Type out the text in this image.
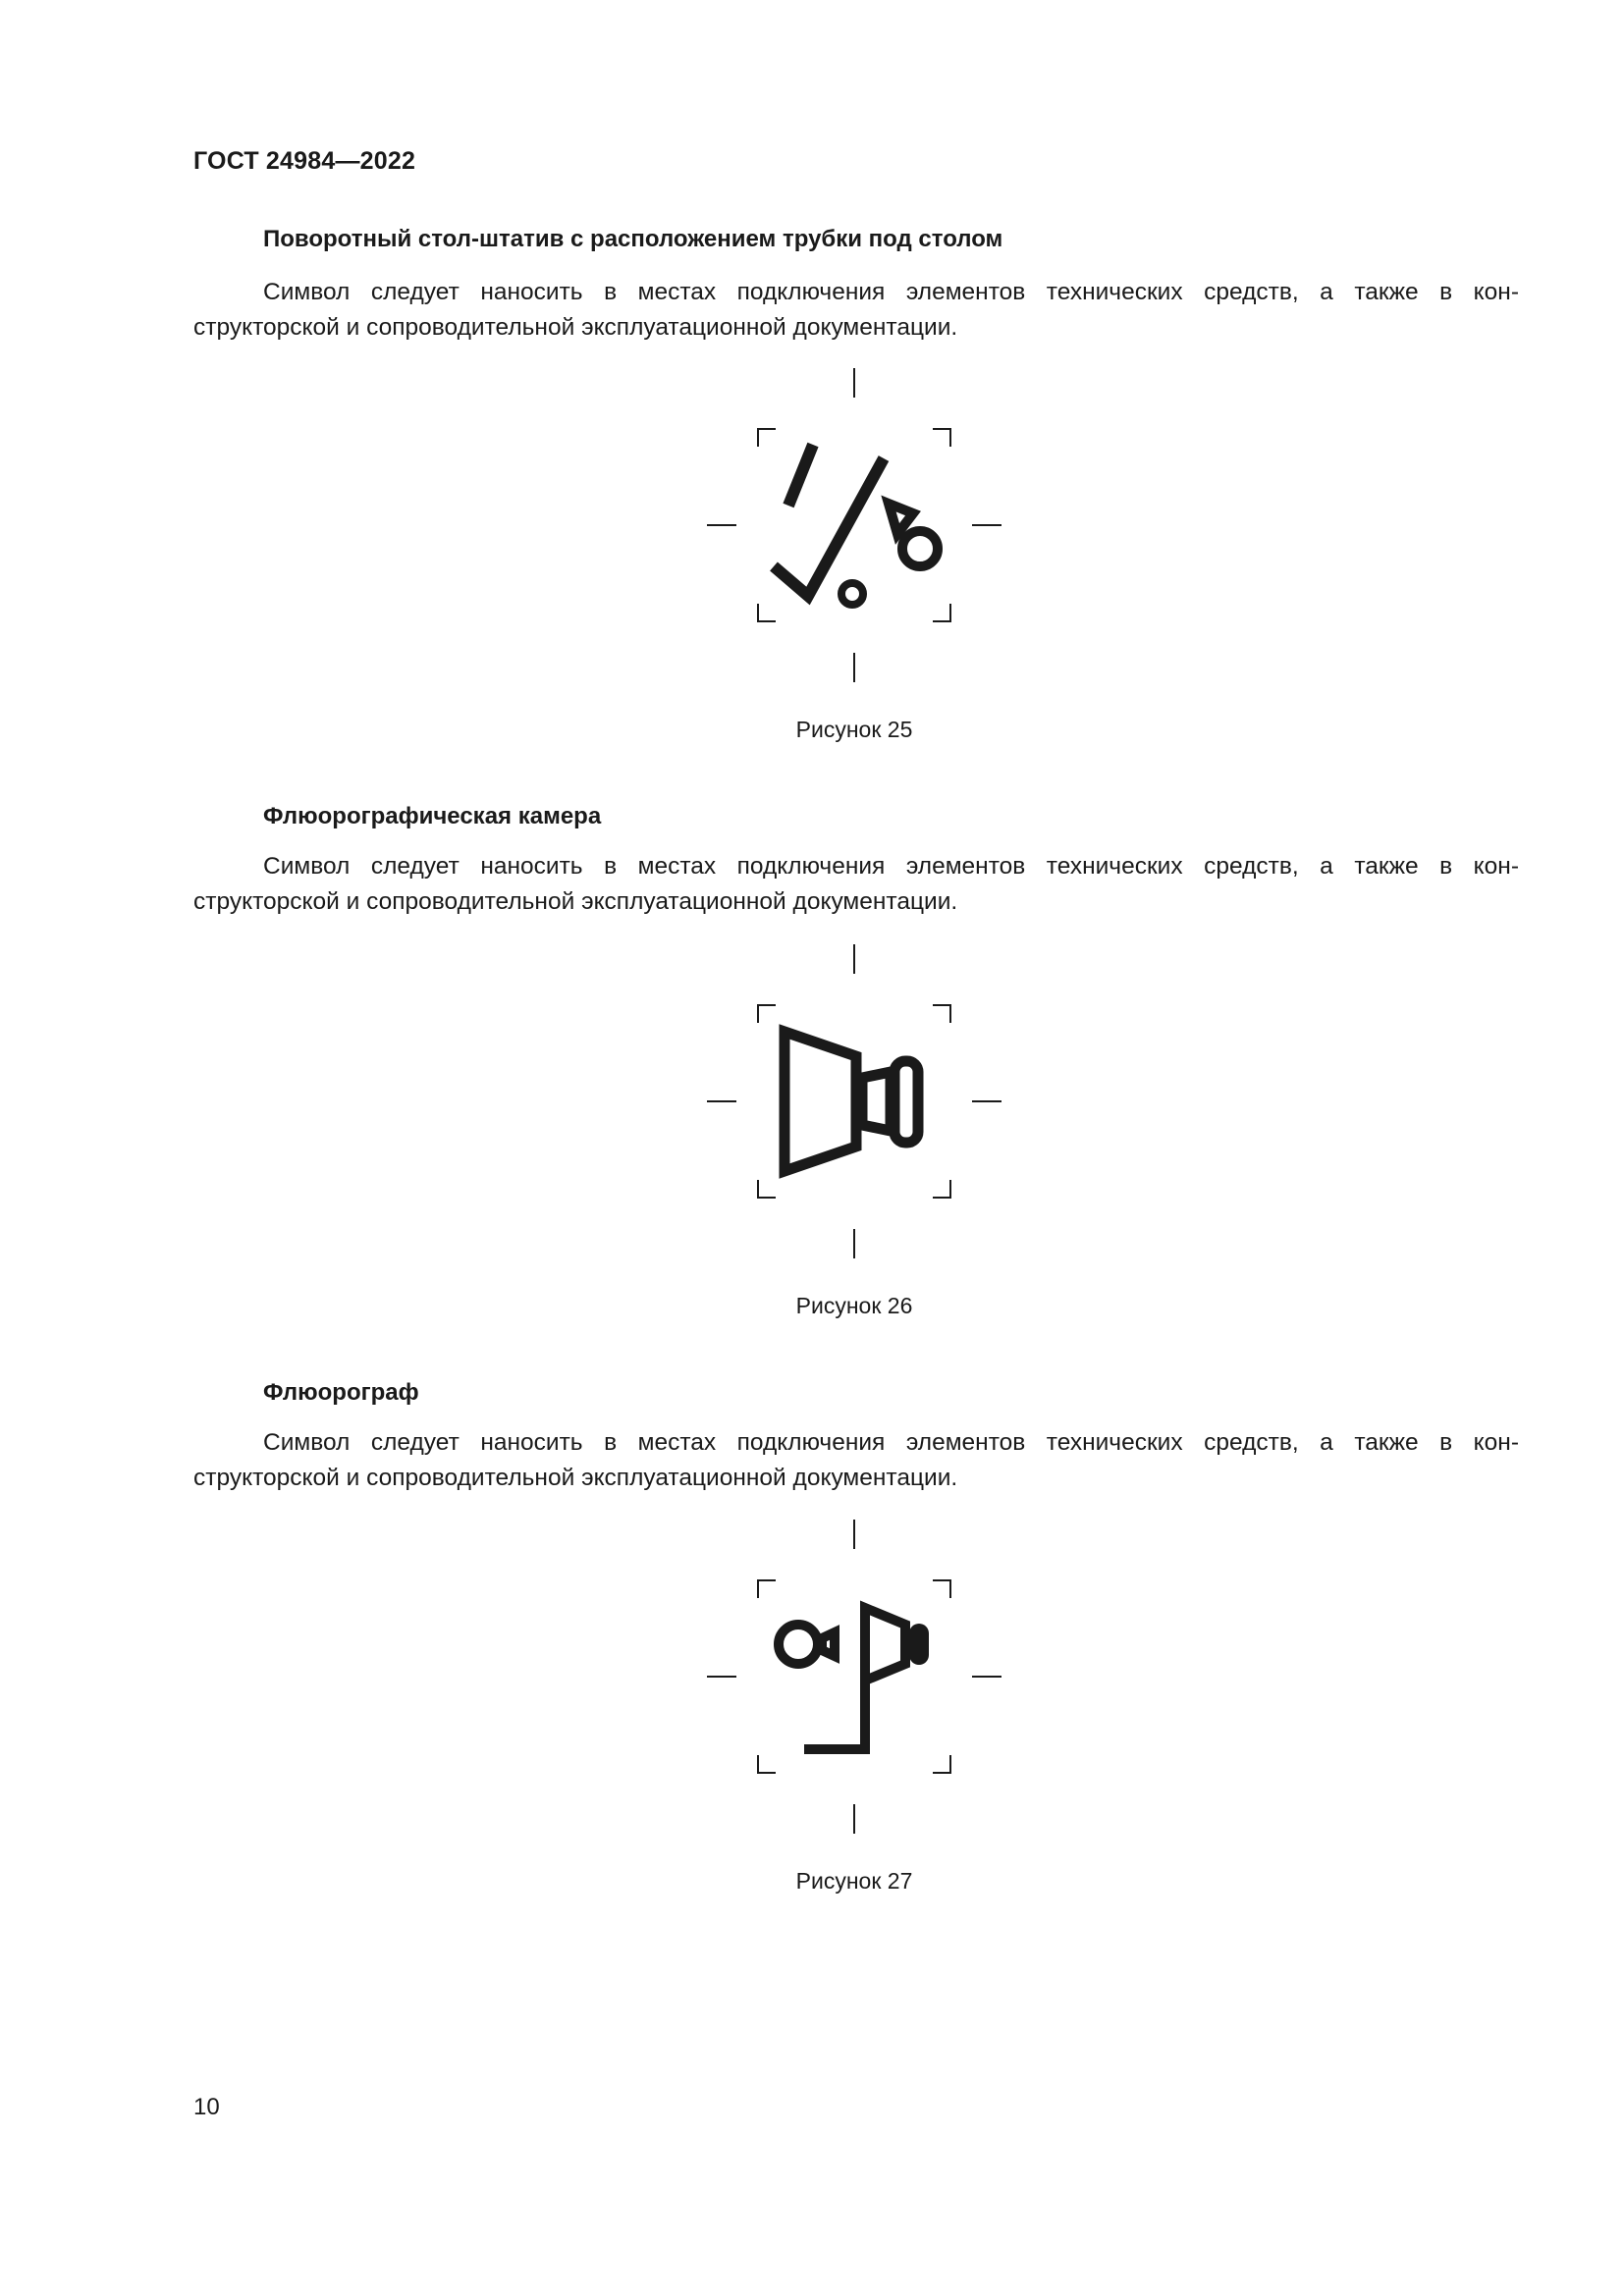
ГОСТ 24984—2022
Поворотный стол-штатив с расположением трубки под столом
Символ следует наносить в местах подключения элементов технических средств, а также в кон-
структорской и сопроводительной эксплуатационной документации.
Рисунок 25
Флюорографическая камера
Символ следует наносить в местах подключения элементов технических средств, а также в кон-
структорской и сопроводительной эксплуатационной документации.
Рисунок 26
Флюорограф
Символ следует наносить в местах подключения элементов технических средств, а также в кон-
структорской и сопроводительной эксплуатационной документации.
Рисунок 27
10
